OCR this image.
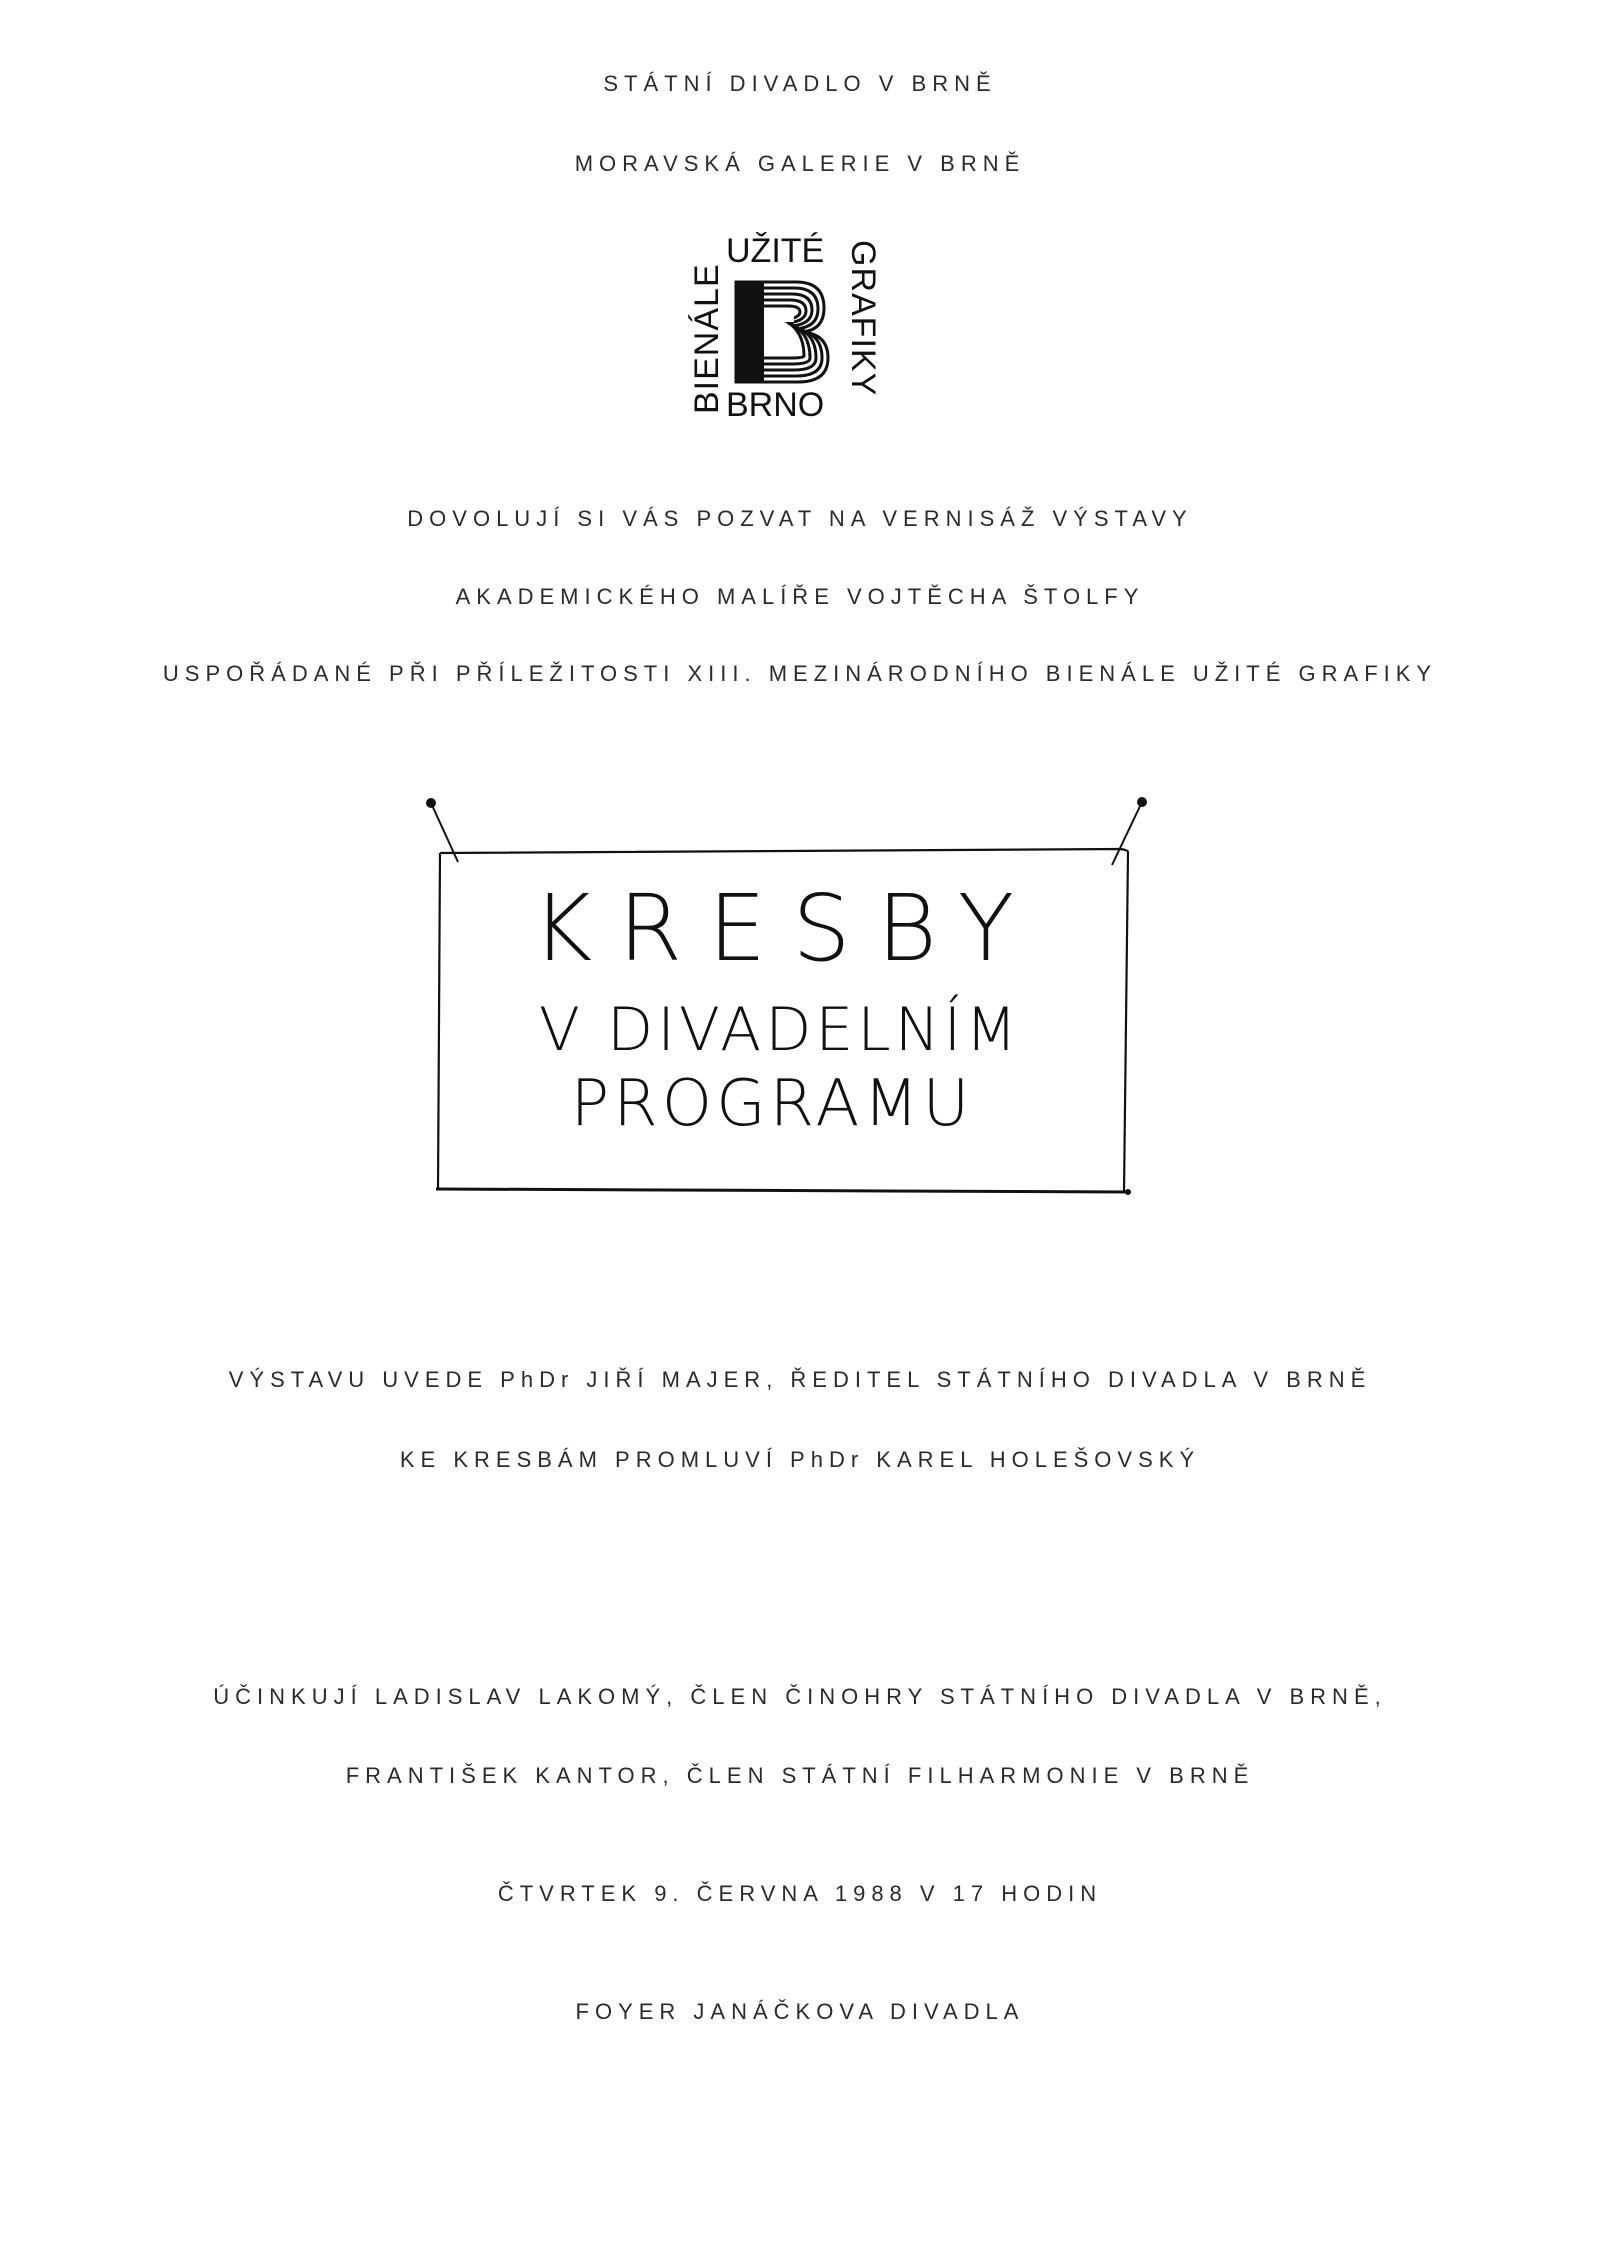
STÁTNÍ DIVADLO V BRNĚ
MORAVSKÁ GALERIE V BRNĚ
BIENÁLE
UŽITÉ GRAFIKY
BRNO
DOVOLUJÍ SI VÁS POZVAT NA VERNISÁŽ VÝSTAVY
AKADEMICKÉHO MALÍŘE VOJTĚCHA ŠTOLFY
USPOŘÁDANÉ PŘI PŘÍLEŽITOSTI XIII. MEZINÁRODNÍHO BIENÁLE UŽITÉ GRAFIKY
KRESBY
V DIVADELNÍM
PROGRAMU
VÝSTAVU UVEDE PhDr JIŘÍ MAJER, ŘEDITEL STÁTNÍHO DIVADLA V BRNĚ
KE KRESBÁM PROMLUVÍ PhDr KAREL HOLEŠOVSKÝ
ÚČINKUJÍ LADISLAV LAKOMÝ, ČLEN ČINOHRY STÁTNÍHO DIVADLA V BRNĚ,
FRANTIŠEK KANTOR, ČLEN STÁTNÍ FILHARMONIE V BRNĚ
ČTVRTEK 9. ČERVNA 1988 V 17 HODIN
FOYER JANÁČKOVA DIVADLA
